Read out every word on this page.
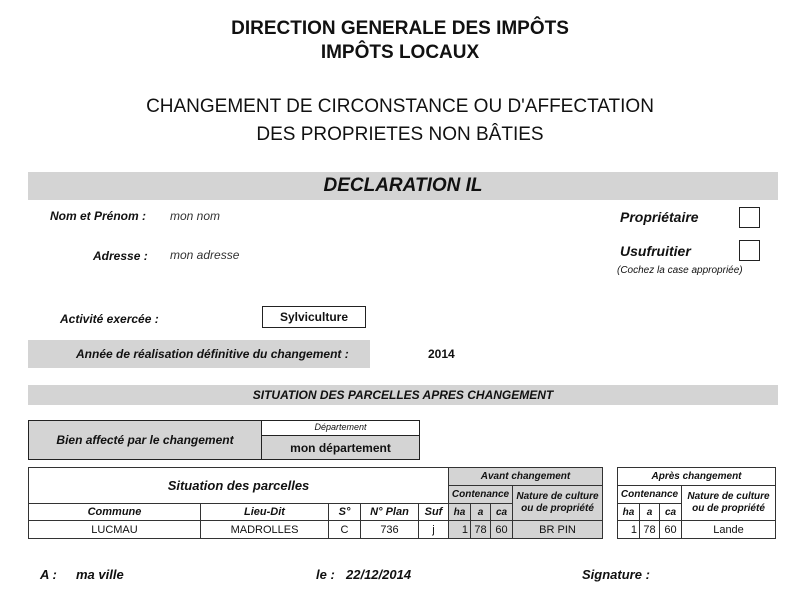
DIRECTION GENERALE DES IMPÔTS
IMPÔTS LOCAUX
CHANGEMENT DE CIRCONSTANCE OU D'AFFECTATION
DES PROPRIETES NON BÂTIES
DECLARATION IL
Nom et Prénom : mon nom
Adresse : mon adresse
Propriétaire
Usufruitier
(Cochez la case appropriée)
Activité exercée :	Sylviculture
Année de réalisation définitive du changement :	2014
SITUATION DES PARCELLES APRES CHANGEMENT
Bien affecté par le changement
Département
mon département
Situation des parcelles					Avant changement			
					Contenance			Nature de culture ou de propriété
Commune	Lieu-Dit	S°	N° Plan	Suf	ha	a	ca	
LUCMAU	MADROLLES	C	736	j	1	78	60	BR PIN
Après changement			
Contenance			Nature de culture ou de propriété
ha	a	ca	
1	78	60	Lande
A : ma ville	le : 22/12/2014	Signature :
